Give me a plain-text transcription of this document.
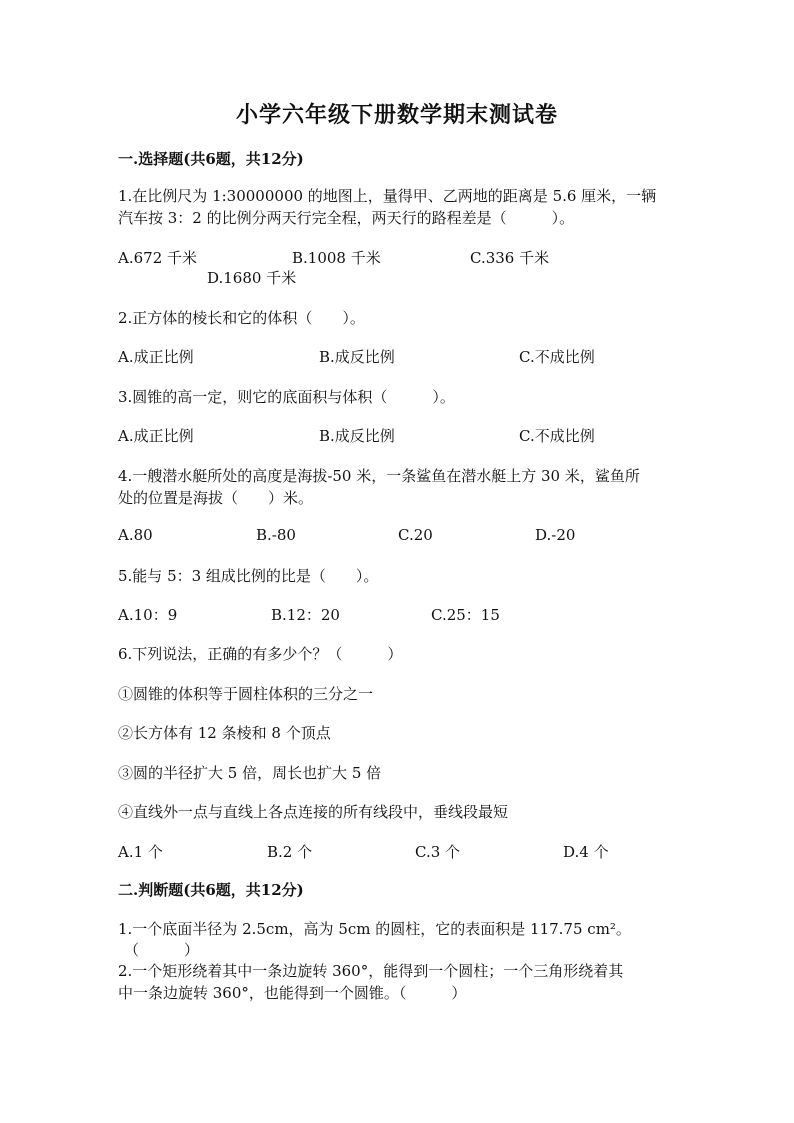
小学六年级下册数学期末测试卷
一.选择题(共6题，共12分)
1.在比例尺为 1:30000000 的地图上，量得甲、乙两地的距离是 5.6 厘米，一辆
汽车按 3：2 的比例分两天行完全程，两天行的路程差是（　　　）。
A.672 千米	B.1008 千米	C.336 千米
D.1680 千米
2.正方体的棱长和它的体积（　　）。
A.成正比例	B.成反比例	C.不成比例
3.圆锥的高一定，则它的底面积与体积（　　　）。
A.成正比例	B.成反比例	C.不成比例
4.一艘潜水艇所处的高度是海拔-50 米，一条鲨鱼在潜水艇上方 30 米，鲨鱼所
处的位置是海拔（　　）米。
A.80	B.-80	C.20	D.-20
5.能与 5：3 组成比例的比是（　　）。
A.10：9	B.12：20	C.25：15
6.下列说法，正确的有多少个？（　　　）
①圆锥的体积等于圆柱体积的三分之一
②长方体有 12 条棱和 8 个顶点
③圆的半径扩大 5 倍，周长也扩大 5 倍
④直线外一点与直线上各点连接的所有线段中，垂线段最短
A.1 个	B.2 个	C.3 个	D.4 个
二.判断题(共6题，共12分)
1.一个底面半径为 2.5cm，高为 5cm 的圆柱，它的表面积是 117.75 cm²。
（　　　）
2.一个矩形绕着其中一条边旋转 360°，能得到一个圆柱；一个三角形绕着其
中一条边旋转 360°，也能得到一个圆锥。（　　　）
